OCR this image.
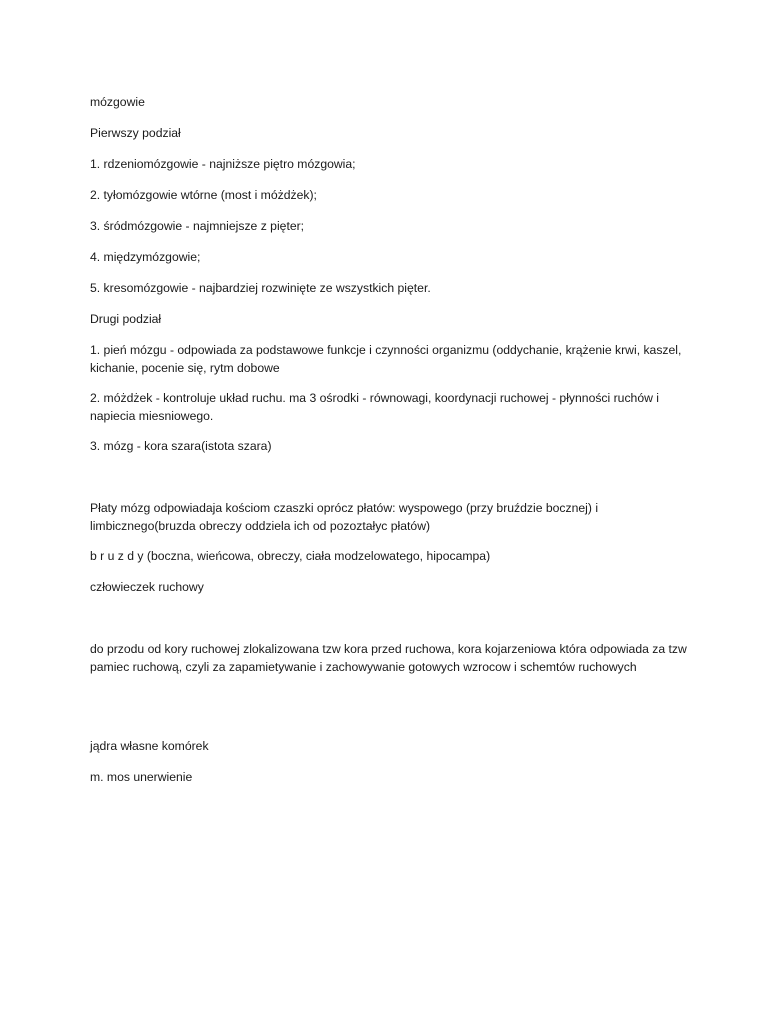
mózgowie

Pierwszy podział

1. rdzeniomózgowie - najniższe piętro mózgowia;

2. tyłomózgowie wtórne (most i móżdżek);

3. śródmózgowie - najmniejsze z pięter;

4. międzymózgowie;

5. kresomózgowie - najbardziej rozwinięte ze wszystkich pięter.

Drugi podział

1. pień mózgu - odpowiada za podstawowe funkcje i czynności organizmu (oddychanie, krążenie krwi, kaszel, kichanie, pocenie się, rytm dobowe

2. móżdżek - kontroluje układ ruchu. ma 3 ośrodki - równowagi, koordynacji ruchowej - płynności ruchów i napiecia miesniowego.

3. mózg - kora szara(istota szara)

Płaty mózg odpowiadaja kościom czaszki oprócz płatów: wyspowego (przy bruździe bocznej) i limbicznego(bruzda obreczy oddziela ich od pozoztałyc płatów)

b r u z d y (boczna, wieńcowa, obreczy, ciała modzelowatego, hipocampa)

człowieczek ruchowy

do przodu od kory ruchowej zlokalizowana tzw kora przed ruchowa, kora kojarzeniowa która odpowiada za tzw pamiec ruchową, czyli za zapamietywanie i zachowywanie gotowych wzrocow i schemtów ruchowych

jądra własne komórek

m. mos unerwienie
